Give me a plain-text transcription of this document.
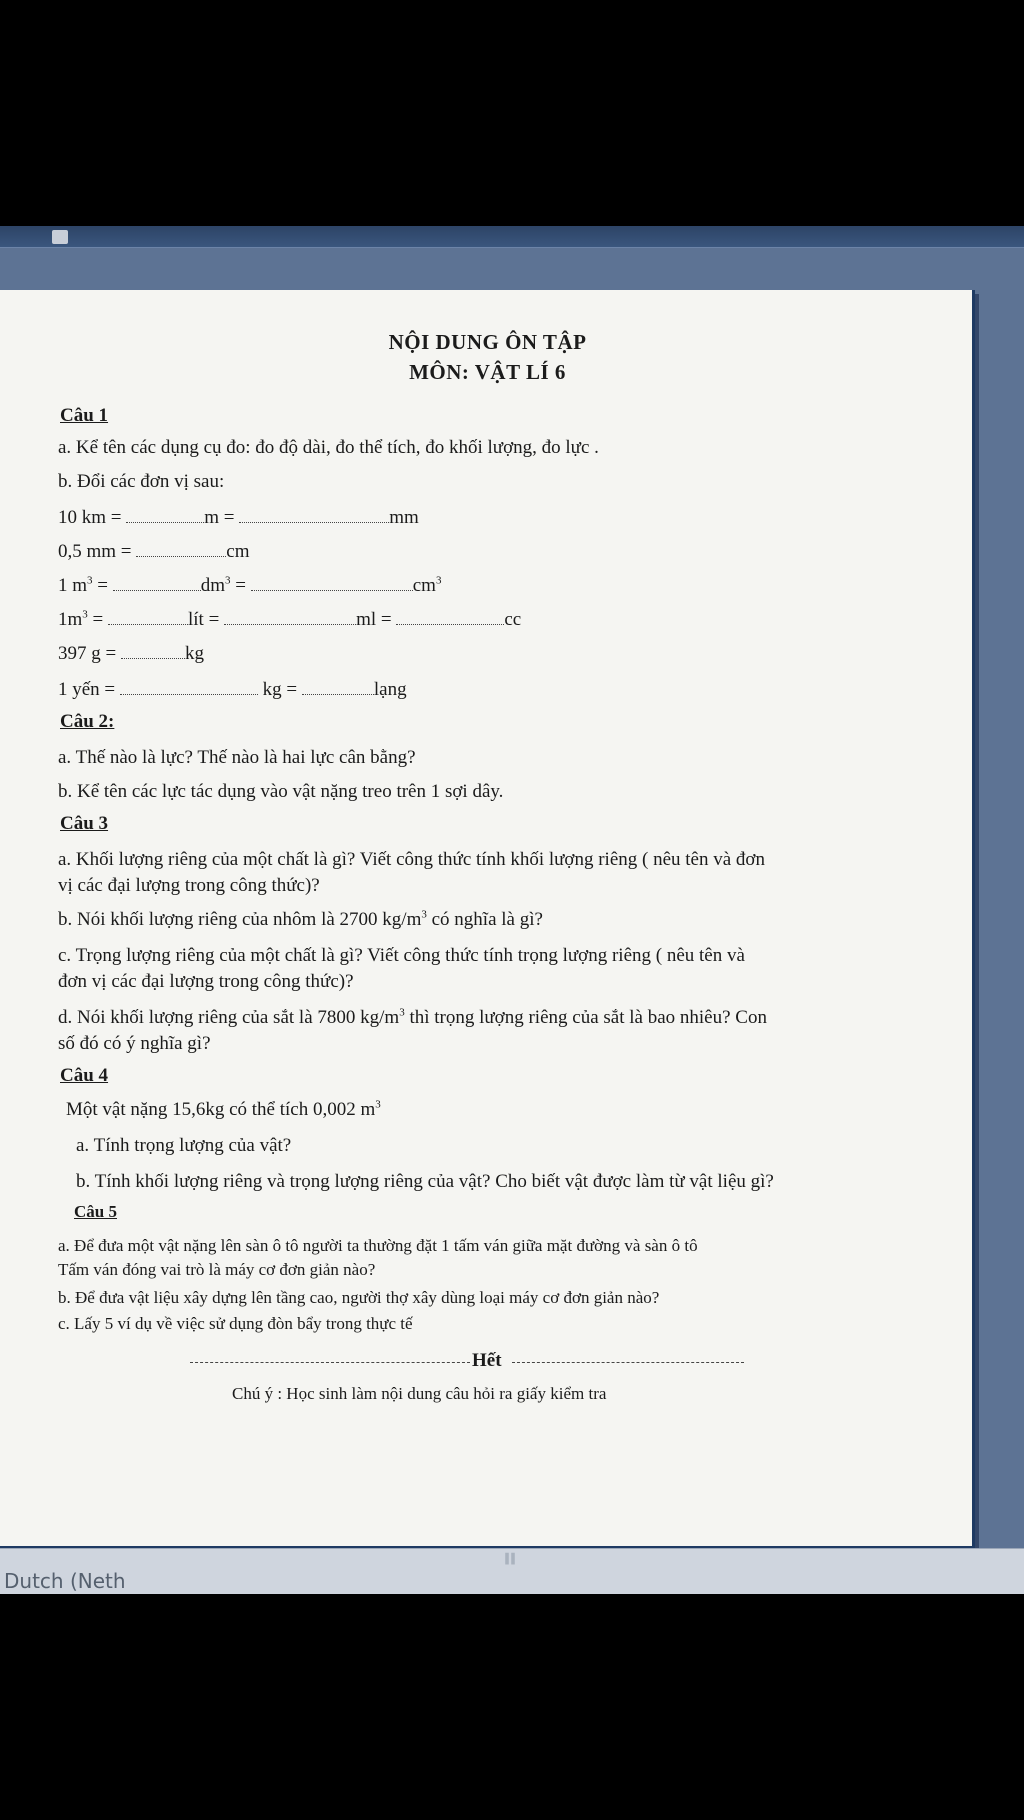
NỘI DUNG ÔN TẬP
MÔN: VẬT LÍ 6
Câu 1
a. Kể tên các dụng cụ đo: đo độ dài, đo thể tích, đo khối lượng, đo lực .
b. Đổi các đơn vị sau:
10 km =	m =	mm
0,5 mm =	cm
1 $m^3$ =	$dm^3$ =	$cm^3$
$1m^3$ =	lít =	ml =	cc
397 g =	kg
1 yến =	kg =	lạng
Câu 2:
a. Thế nào là lực? Thế nào là hai lực cân bằng?
b. Kể tên các lực tác dụng vào vật nặng treo trên 1 sợi dây.
Câu 3
a. Khối lượng riêng của một chất là gì? Viết công thức tính khối lượng riêng ( nêu tên và đơn
vị các đại lượng trong công thức)?
b. Nói khối lượng riêng của nhôm là 2700 $kg/m^3$ có nghĩa là gì?
c. Trọng lượng riêng của một chất là gì? Viết công thức tính trọng lượng riêng ( nêu tên và
đơn vị các đại lượng trong công thức)?
d. Nói khối lượng riêng của sắt là 7800 $kg/m^3$ thì trọng lượng riêng của sắt là bao nhiêu? Con
số đó có ý nghĩa gì?
Câu 4
Một vật nặng 15,6kg có thể tích 0,002 $m^3$
a. Tính trọng lượng của vật?
b. Tính khối lượng riêng và trọng lượng riêng của vật? Cho biết vật được làm từ vật liệu gì?
Câu 5
a. Để đưa một vật nặng lên sàn ô tô người ta thường đặt 1 tấm ván giữa mặt đường và sàn ô tô
Tấm ván đóng vai trò là máy cơ đơn giản nào?
b. Để đưa vật liệu xây dựng lên tầng cao, người thợ xây dùng loại máy cơ đơn giản nào?
c. Lấy 5 ví dụ về việc sử dụng đòn bẩy trong thực tế
Hết
Chú ý : Học sinh làm nội dung câu hỏi ra giấy kiểm tra
∥∥
Dutch (Neth
